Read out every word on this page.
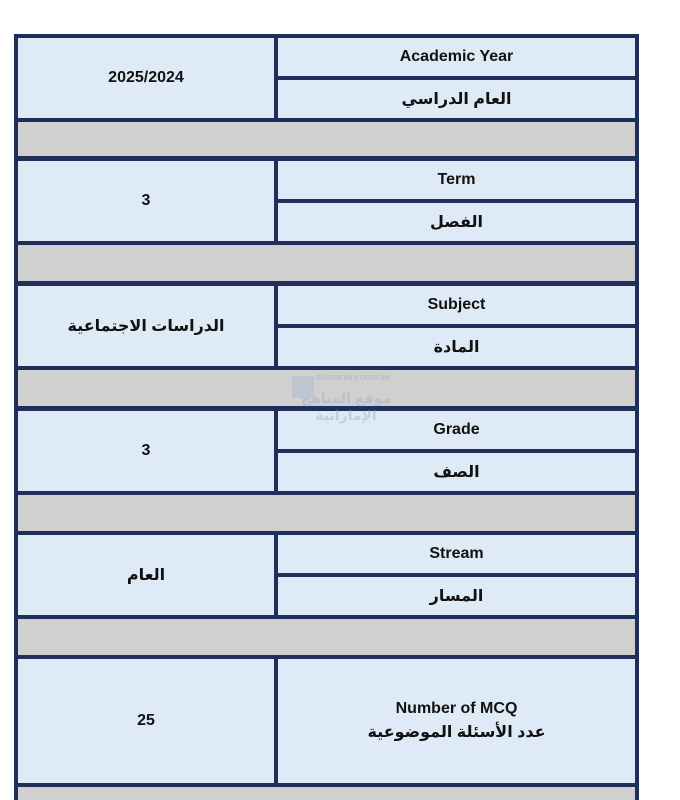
2025/2024
Academic Year
العام الدراسي
3
Term
الفصل
الدراسات الاجتماعية
Subject
المادة
3
Grade
الصف
العام
Stream
المسار
25
Number of MCQ
عدد الأسئلة الموضوعية
alamanahj.com/ae
موقع المناهج الإماراتية
